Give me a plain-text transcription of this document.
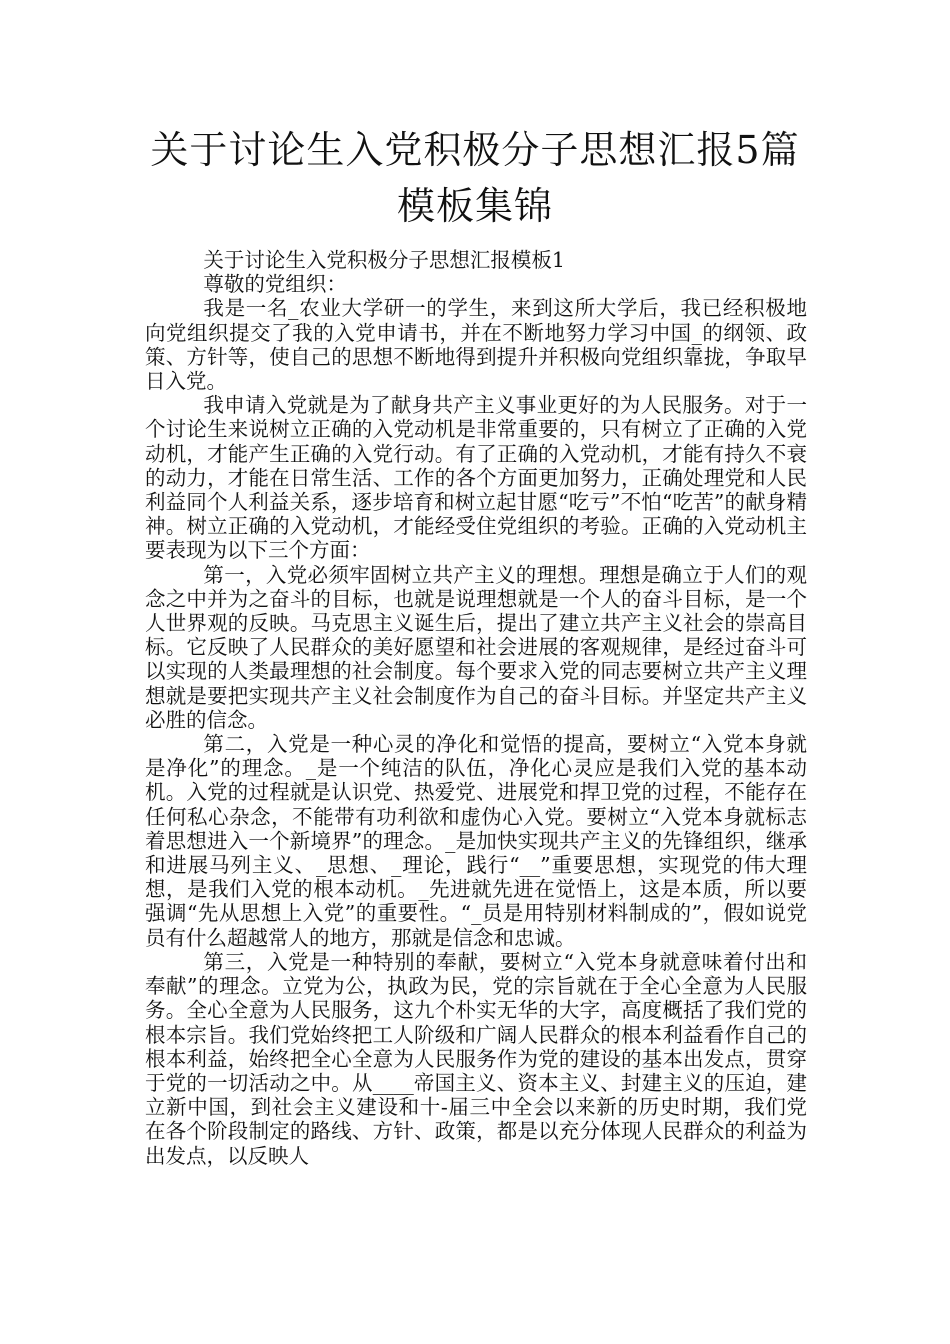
关于讨论生入党积极分子思想汇报5篇模板集锦

关于讨论生入党积极分子思想汇报模板1

尊敬的党组织：

我是一名_农业大学研一的学生，来到这所大学后，我已经积极地向党组织提交了我的入党申请书，并在不断地努力学习中国_的纲领、政策、方针等，使自己的思想不断地得到提升并积极向党组织靠拢，争取早日入党。

我申请入党就是为了献身共产主义事业更好的为人民服务。对于一个讨论生来说树立正确的入党动机是非常重要的，只有树立了正确的入党动机，才能产生正确的入党行动。有了正确的入党动机，才能有持久不衰的动力，才能在日常生活、工作的各个方面更加努力，正确处理党和人民利益同个人利益关系，逐步培育和树立起甘愿“吃亏”不怕“吃苦”的献身精神。树立正确的入党动机，才能经受住党组织的考验。正确的入党动机主要表现为以下三个方面：

第一，入党必须牢固树立共产主义的理想。理想是确立于人们的观念之中并为之奋斗的目标，也就是说理想就是一个人的奋斗目标，是一个人世界观的反映。马克思主义诞生后，提出了建立共产主义社会的崇高目标。它反映了人民群众的美好愿望和社会进展的客观规律，是经过奋斗可以实现的人类最理想的社会制度。每个要求入党的同志要树立共产主义理想就是要把实现共产主义社会制度作为自己的奋斗目标。并坚定共产主义必胜的信念。

第二，入党是一种心灵的净化和觉悟的提高，要树立“入党本身就是净化”的理念。_是一个纯洁的队伍，净化心灵应是我们入党的基本动机。入党的过程就是认识党、热爱党、进展党和捍卫党的过程，不能存在任何私心杂念，不能带有功利欲和虚伪心入党。要树立“入党本身就标志着思想进入一个新境界”的理念。_是加快实现共产主义的先锋组织，继承和进展马列主义、_思想、_理论，践行“__”重要思想，实现党的伟大理想，是我们入党的根本动机。_先进就先进在觉悟上，这是本质，所以要强调“先从思想上入党”的重要性。“_员是用特别材料制成的”，假如说党员有什么超越常人的地方，那就是信念和忠诚。

第三，入党是一种特别的奉献，要树立“入党本身就意味着付出和奉献”的理念。立党为公，执政为民，党的宗旨就在于全心全意为人民服务。全心全意为人民服务，这九个朴实无华的大字，高度概括了我们党的根本宗旨。我们党始终把工人阶级和广阔人民群众的根本利益看作自己的根本利益，始终把全心全意为人民服务作为党的建设的基本出发点，贯穿于党的一切活动之中。从____帝国主义、资本主义、封建主义的压迫，建立新中国，到社会主义建设和十-届三中全会以来新的历史时期，我们党在各个阶段制定的路线、方针、政策，都是以充分体现人民群众的利益为出发点，以反映人
